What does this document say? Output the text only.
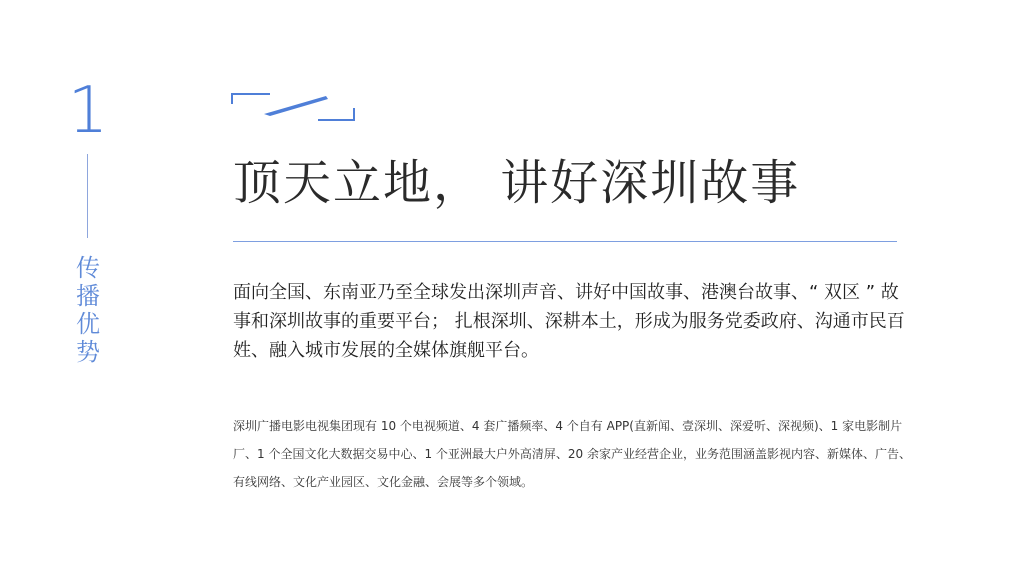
1
传
播
优
势
顶天立地， 讲好深圳故事

面向全国、东南亚乃至全球发出深圳声音、讲好中国故事、港澳台故事、“ 双区 ” 故事和深圳故事的重要平台； 扎根深圳、深耕本土，形成为服务党委政府、沟通市民百姓、融入城市发展的全媒体旗舰平台。

深圳广播电影电视集团现有 10 个电视频道、4 套广播频率、4 个自有 APP(直新闻、壹深圳、深爱听、深视频)、1 家电影制片厂、1 个全国文化大数据交易中心、1 个亚洲最大户外高清屏、20 余家产业经营企业，业务范围涵盖影视内容、新媒体、广告、有线网络、文化产业园区、文化金融、会展等多个领域。
